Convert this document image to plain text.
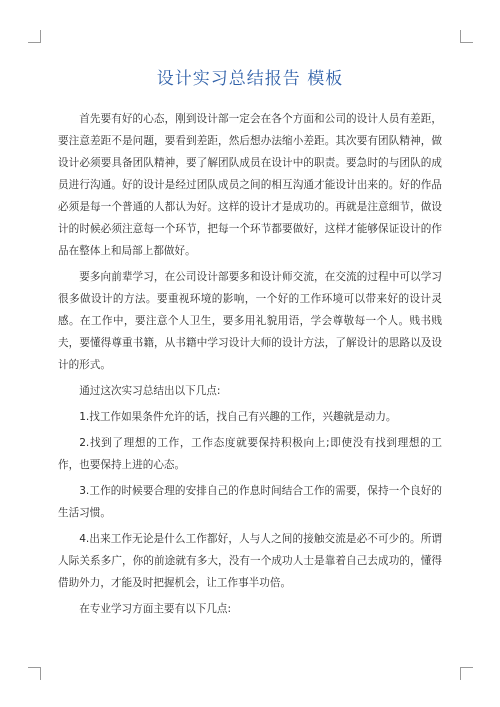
设计实习总结报告 模板

首先要有好的心态，刚到设计部一定会在各个方面和公司的设计人员有差距，要注意差距不是问题，要看到差距，然后想办法缩小差距。其次要有团队精神，做设计必须要具备团队精神，要了解团队成员在设计中的职责。要急时的与团队的成员进行沟通。好的设计是经过团队成员之间的相互沟通才能设计出来的。好的作品必须是每一个普通的人都认为好。这样的设计才是成功的。再就是注意细节，做设计的时候必须注意每一个环节，把每一个环节都要做好，这样才能够保证设计的作品在整体上和局部上都做好。

要多向前辈学习，在公司设计部要多和设计师交流，在交流的过程中可以学习很多做设计的方法。要重视环境的影响，一个好的工作环境可以带来好的设计灵感。在工作中，要注意个人卫生，要多用礼貌用语，学会尊敬每一个人。贱书贱夫，要懂得尊重书籍，从书籍中学习设计大师的设计方法，了解设计的思路以及设计的形式。

通过这次实习总结出以下几点:

1.找工作如果条件允许的话，找自己有兴趣的工作，兴趣就是动力。

2.找到了理想的工作，工作态度就要保持积极向上;即使没有找到理想的工作，也要保持上进的心态。

3.工作的时候要合理的安排自己的作息时间结合工作的需要，保持一个良好的生活习惯。

4.出来工作无论是什么工作都好，人与人之间的接触交流是必不可少的。所谓人际关系多广，你的前途就有多大，没有一个成功人士是靠着自己去成功的，懂得借助外力，才能及时把握机会，让工作事半功倍。

在专业学习方面主要有以下几点:
